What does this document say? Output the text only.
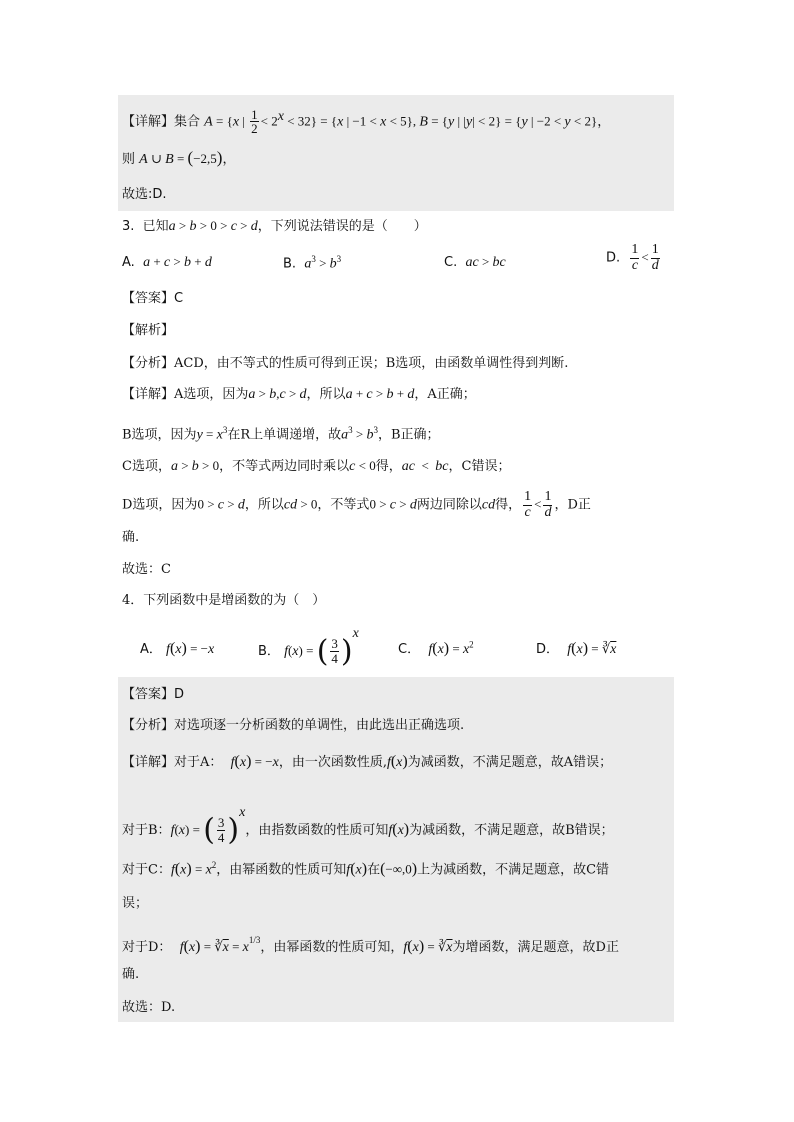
【详解】集合 A = {x | $\frac{1}{2} < 2^x < 32\} = \{x$ | −1 < x < 5}, B = {y | |y| < 2} = {y | −2 < y < 2}，
则 A ∪ B = (−2,5)，
故选:D.
3.  已知a > b > 0 > c > d，下列说法错误的是（　　）
A. a + c > b + d	B. $a^3 > b^3$	C. ac > bc	D. $\frac{1}{c} < \frac{1}{d}$
【答案】C
【解析】
【分析】ACD，由不等式的性质可得到正误；B选项，由函数单调性得到判断.
【详解】A选项，因为a > b,c > d，所以a + c > b + d，A正确；
B选项，因为$y = x^3$在R上单调递增，故$a^3 > b^3$，B正确；
C选项，a > b > 0，不等式两边同时乘以c < 0得，ac  <  bc，C错误；
D选项，因为0 > c > d，所以cd > 0，不等式0 > c > d两边同除以cd得， $\frac{1}{c} < \frac{1}{d}$ ，D正
确.
故选：C
4．下列函数中是增函数的为（　）
A． f(x) = −x	B． f(x) = ( $\frac{3}{4} )^x$
C． $f(x) = x^2$	D． $f(x) = ∛\overline{x}$
【答案】D
【分析】对选项逐一分析函数的单调性，由此选出正确选项.
【详解】对于A：  f(x) = −x，由一次函数性质,f(x)为减函数，不满足题意，故A错误；
对于B：f(x) = ( $\frac{3}{4} )^x$，由指数函数的性质可知f(x)为减函数，不满足题意，故B错误；
对于C：$f(x) = x^2$，由幂函数的性质可知f(x)在(−∞,0)上为减函数，不满足题意，故C错
误；
对于D：  $f(x) = ∛\overline{x} = x^{1/3}$，由幂函数的性质可知，$f(x) = ∛\overline{x}$为增函数，满足题意，故D正
确.
故选：D.
